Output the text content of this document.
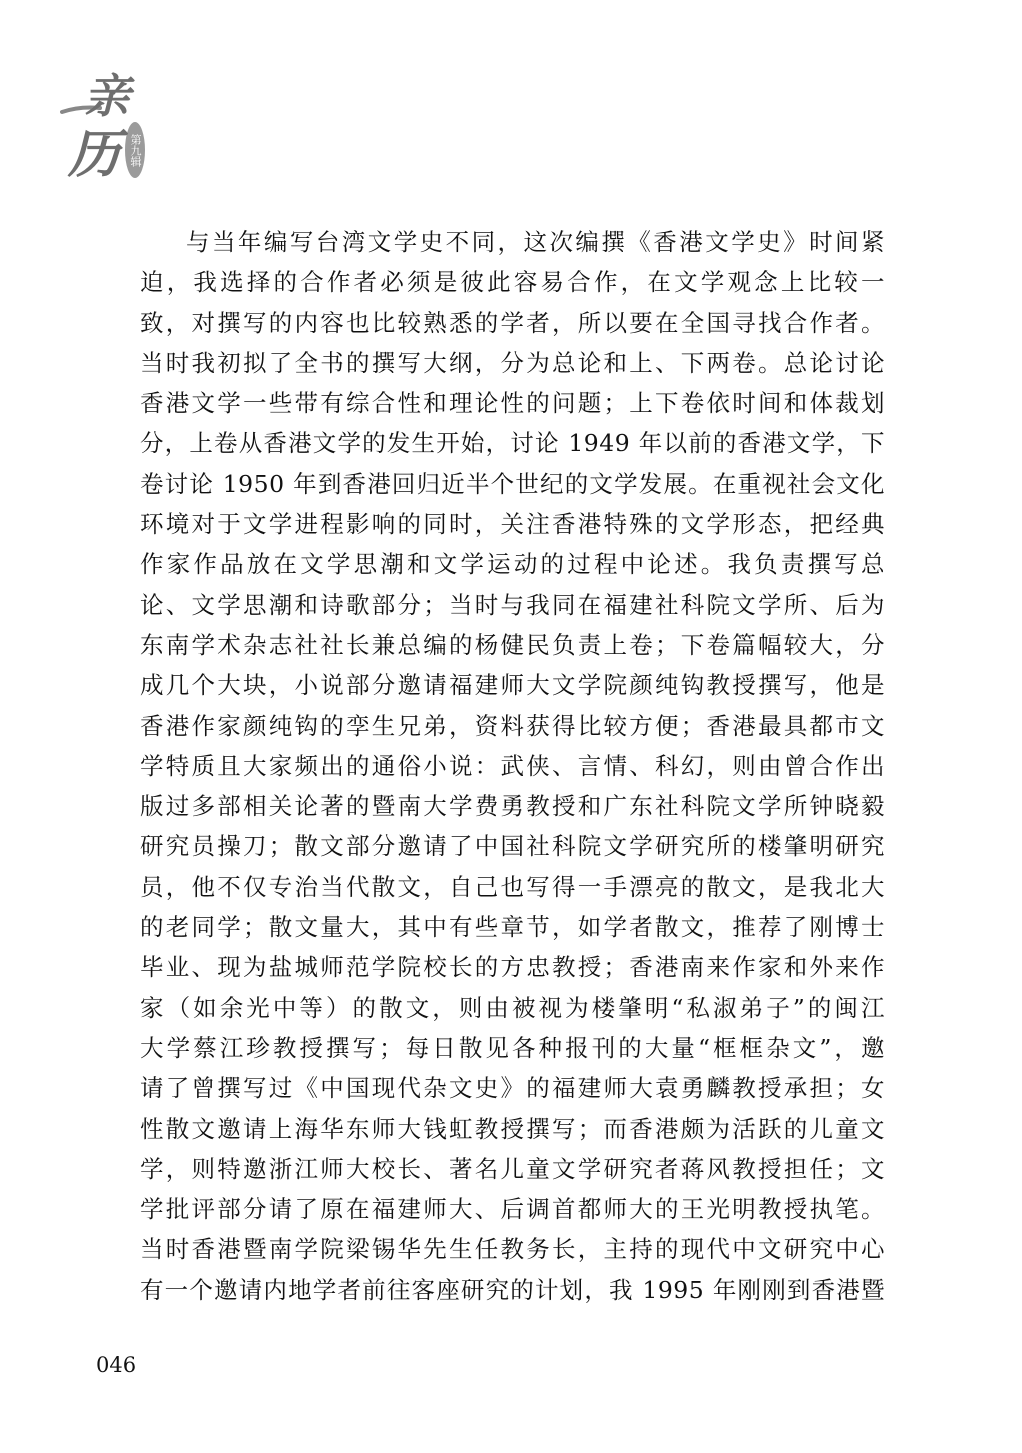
亲
历 第九辑
与当年编写台湾文学史不同，这次编撰《香港文学史》时间紧
迫，我选择的合作者必须是彼此容易合作，在文学观念上比较一
致，对撰写的内容也比较熟悉的学者，所以要在全国寻找合作者。
当时我初拟了全书的撰写大纲，分为总论和上、下两卷。总论讨论
香港文学一些带有综合性和理论性的问题；上下卷依时间和体裁划
分，上卷从香港文学的发生开始，讨论 1949 年以前的香港文学，下
卷讨论 1950 年到香港回归近半个世纪的文学发展。在重视社会文化
环境对于文学进程影响的同时，关注香港特殊的文学形态，把经典
作家作品放在文学思潮和文学运动的过程中论述。我负责撰写总
论、文学思潮和诗歌部分；当时与我同在福建社科院文学所、后为
东南学术杂志社社长兼总编的杨健民负责上卷；下卷篇幅较大，分
成几个大块，小说部分邀请福建师大文学院颜纯钩教授撰写，他是
香港作家颜纯钩的孪生兄弟，资料获得比较方便；香港最具都市文
学特质且大家频出的通俗小说：武侠、言情、科幻，则由曾合作出
版过多部相关论著的暨南大学费勇教授和广东社科院文学所钟晓毅
研究员操刀；散文部分邀请了中国社科院文学研究所的楼肇明研究
员，他不仅专治当代散文，自己也写得一手漂亮的散文，是我北大
的老同学；散文量大，其中有些章节，如学者散文，推荐了刚博士
毕业、现为盐城师范学院校长的方忠教授；香港南来作家和外来作
家（如余光中等）的散文，则由被视为楼肇明“私淑弟子”的闽江
大学蔡江珍教授撰写；每日散见各种报刊的大量“框框杂文”，邀
请了曾撰写过《中国现代杂文史》的福建师大袁勇麟教授承担；女
性散文邀请上海华东师大钱虹教授撰写；而香港颇为活跃的儿童文
学，则特邀浙江师大校长、著名儿童文学研究者蒋风教授担任；文
学批评部分请了原在福建师大、后调首都师大的王光明教授执笔。
当时香港暨南学院梁锡华先生任教务长，主持的现代中文研究中心
有一个邀请内地学者前往客座研究的计划，我 1995 年刚刚到香港暨
046
